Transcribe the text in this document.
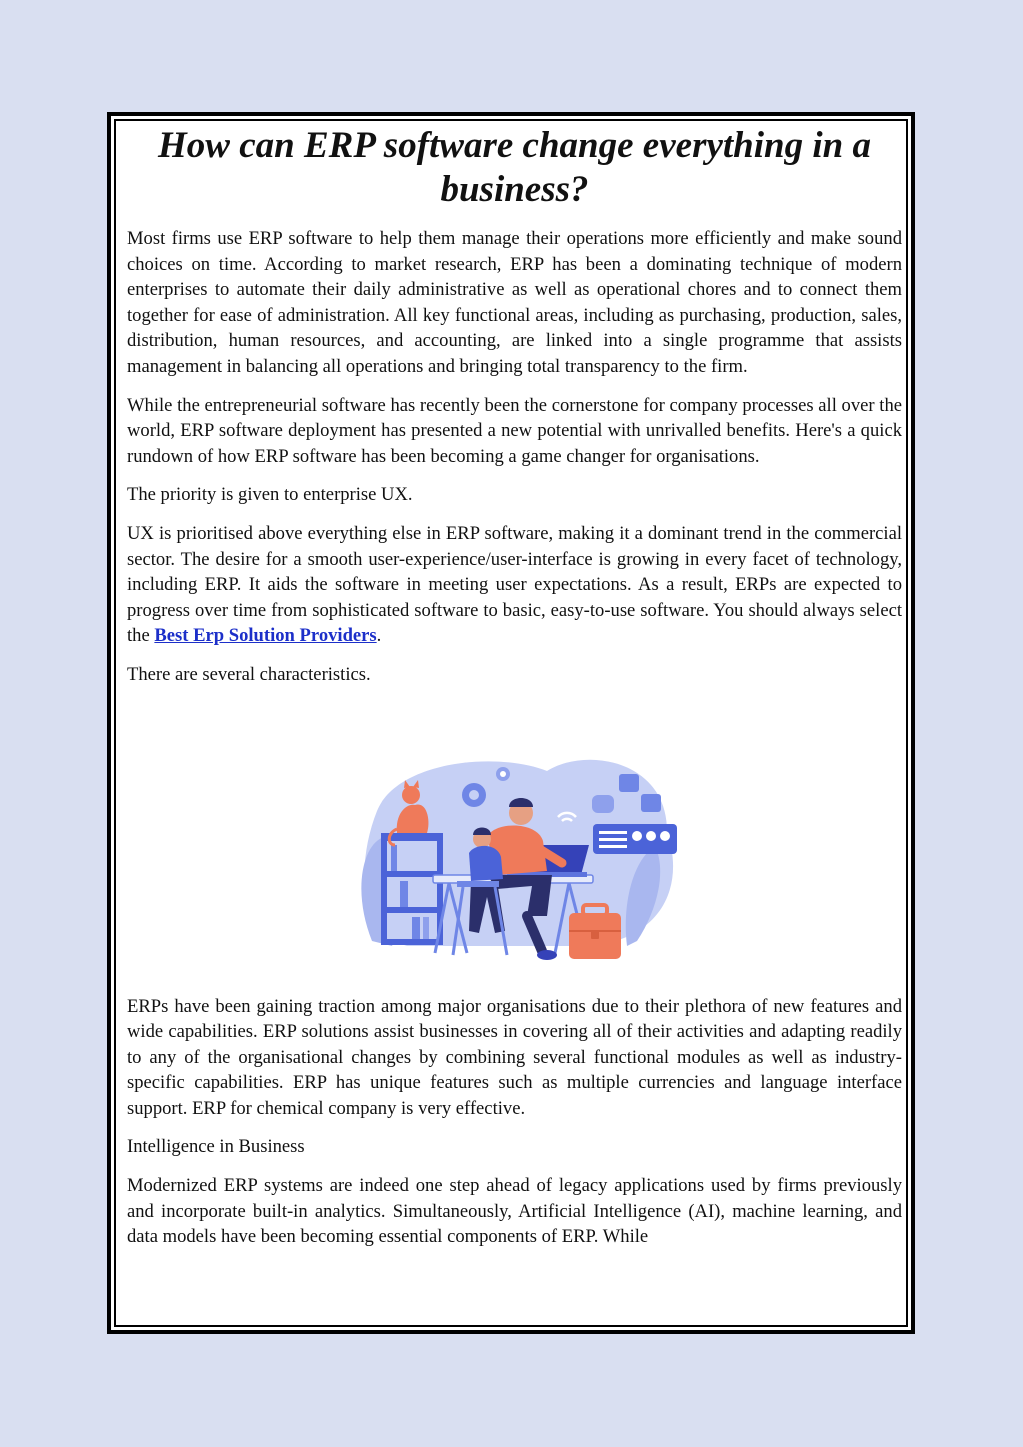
How can ERP software change everything in a business?

Most firms use ERP software to help them manage their operations more efficiently and make sound choices on time. According to market research, ERP has been a dominating technique of modern enterprises to automate their daily administrative as well as operational chores and to connect them together for ease of administration. All key functional areas, including as purchasing, production, sales, distribution, human resources, and accounting, are linked into a single programme that assists management in balancing all operations and bringing total transparency to the firm.

While the entrepreneurial software has recently been the cornerstone for company processes all over the world, ERP software deployment has presented a new potential with unrivalled benefits. Here's a quick rundown of how ERP software has been becoming a game changer for organisations.

The priority is given to enterprise UX.

UX is prioritised above everything else in ERP software, making it a dominant trend in the commercial sector. The desire for a smooth user-experience/user-interface is growing in every facet of technology, including ERP. It aids the software in meeting user expectations. As a result, ERPs are expected to progress over time from sophisticated software to basic, easy-to-use software. You should always select the Best Erp Solution Providers.

There are several characteristics.

ERPs have been gaining traction among major organisations due to their plethora of new features and wide capabilities. ERP solutions assist businesses in covering all of their activities and adapting readily to any of the organisational changes by combining several functional modules as well as industry-specific capabilities. ERP has unique features such as multiple currencies and language interface support. ERP for chemical company is very effective.

Intelligence in Business

Modernized ERP systems are indeed one step ahead of legacy applications used by firms previously and incorporate built-in analytics. Simultaneously, Artificial Intelligence (AI), machine learning, and data models have been becoming essential components of ERP. While
